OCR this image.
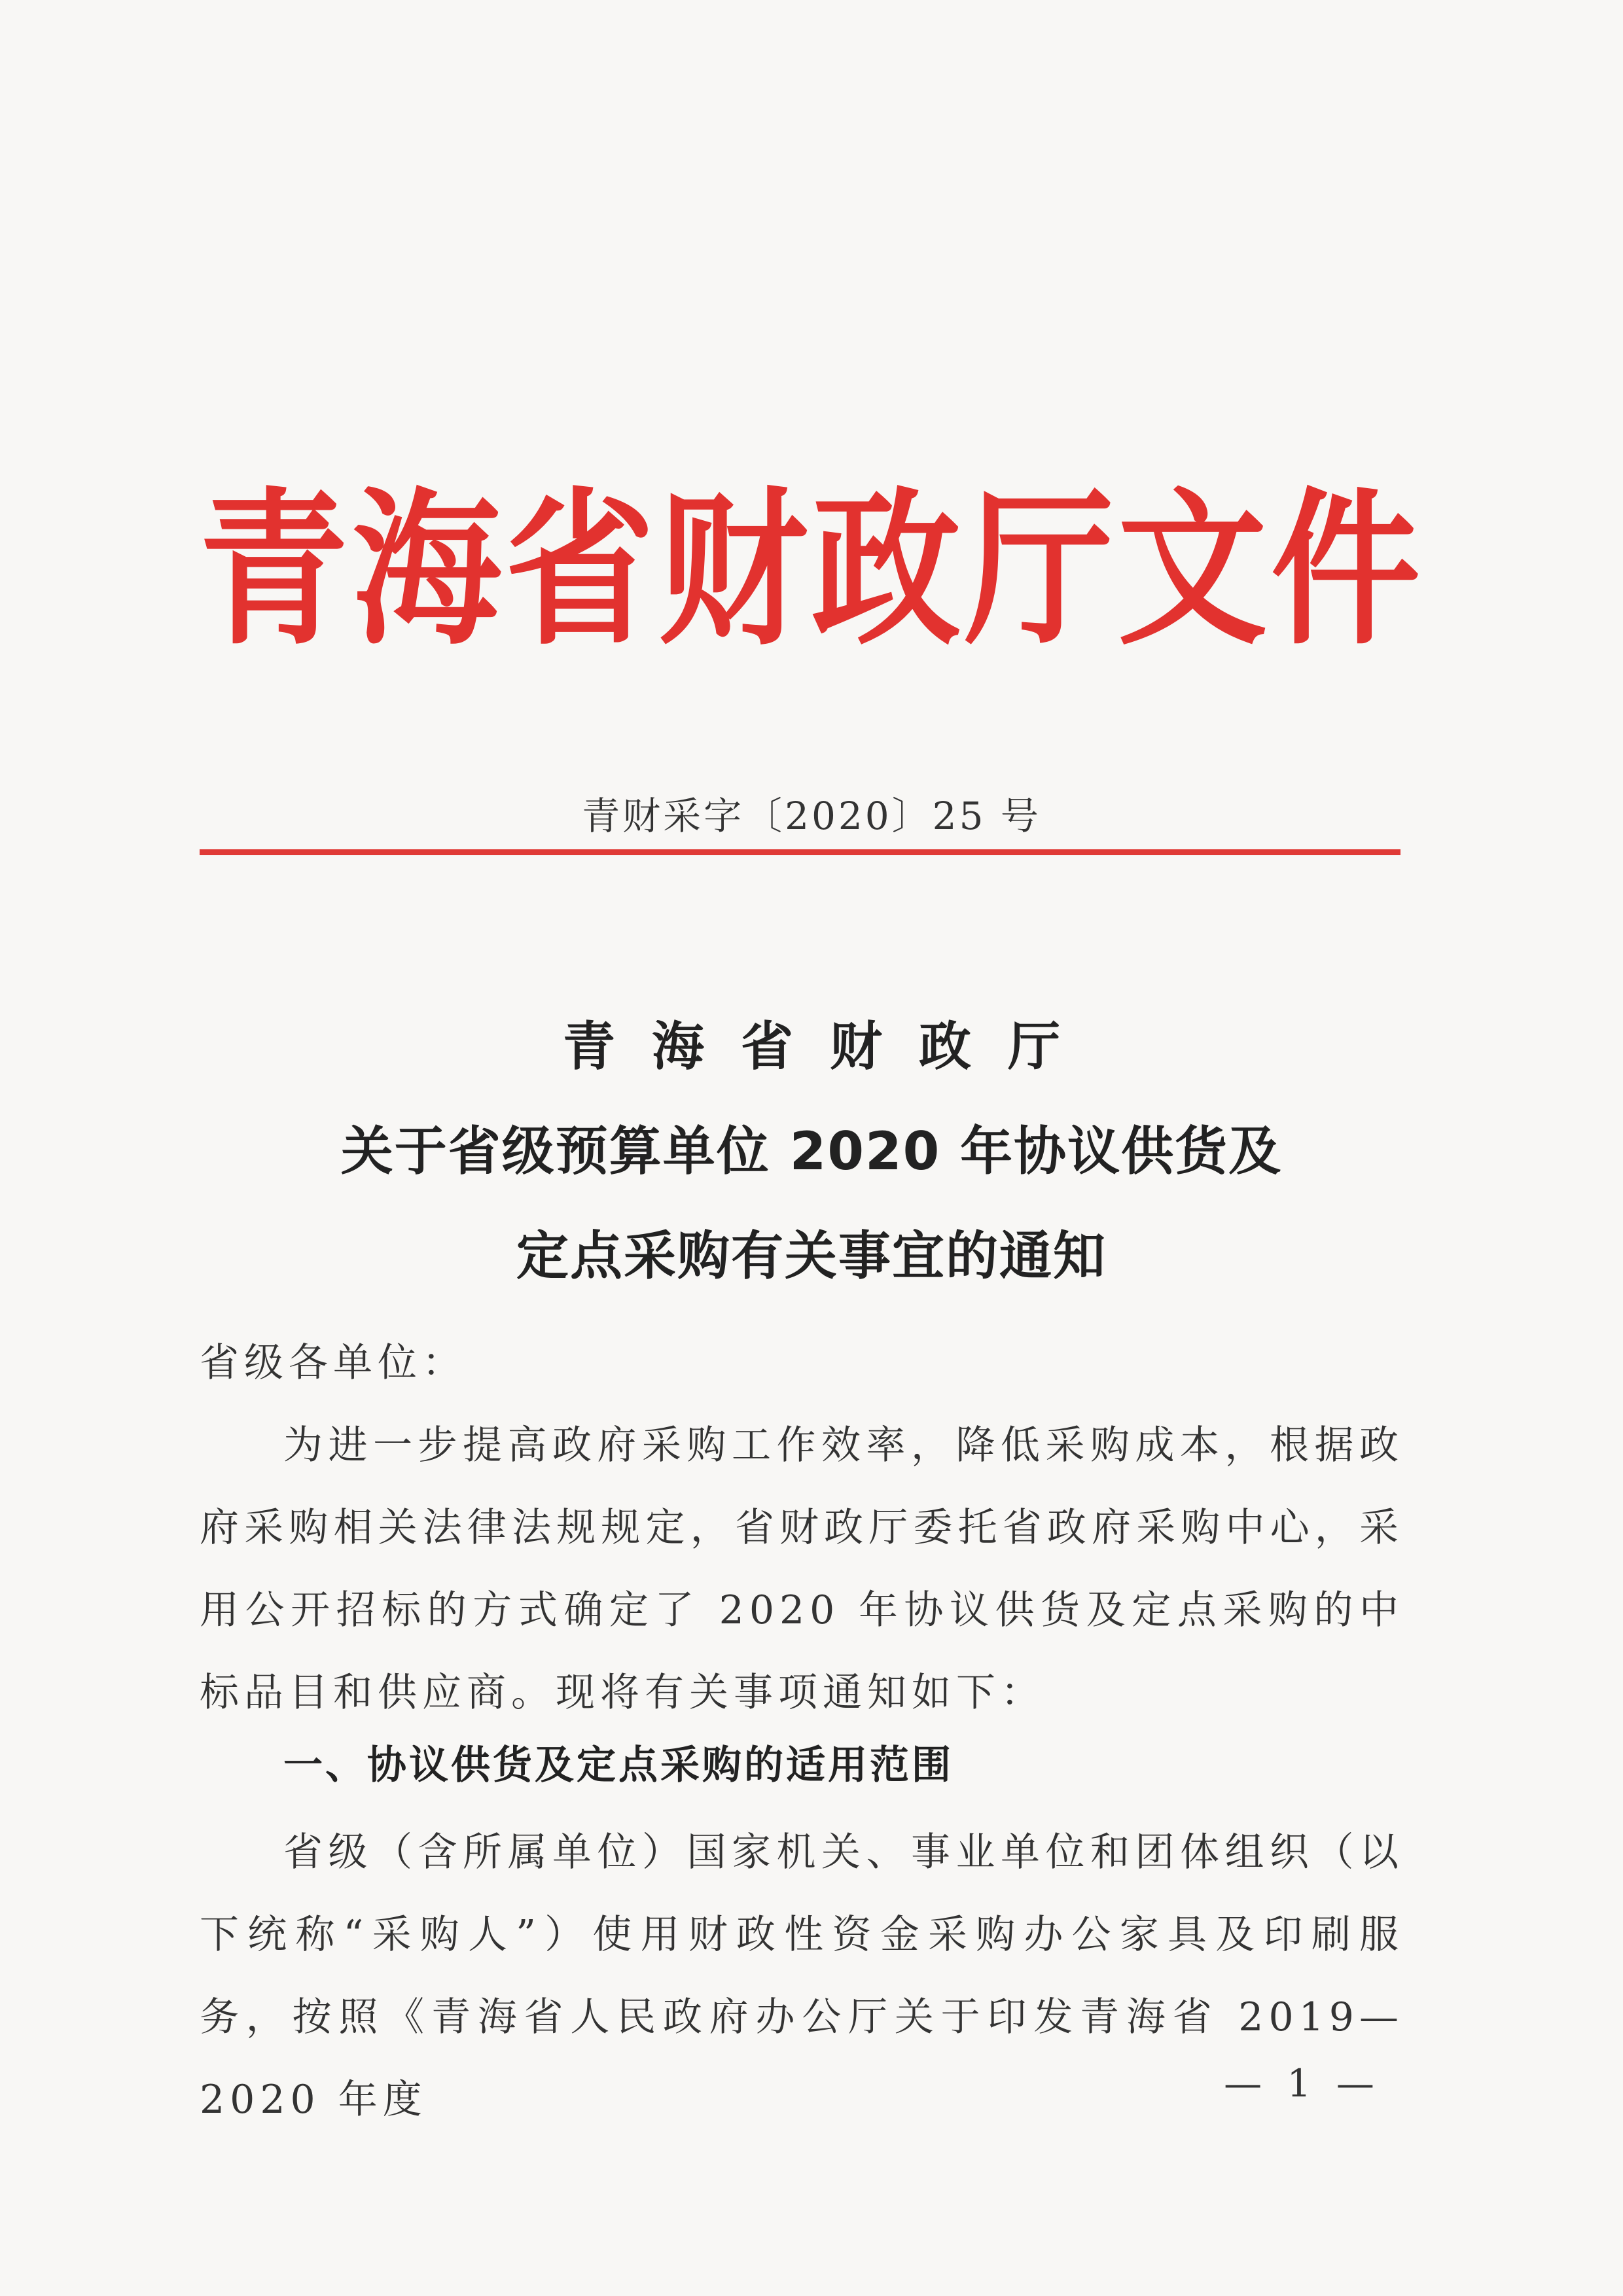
青海省财政厅文件
青财采字〔2020〕25 号
青海省财政厅
关于省级预算单位 2020 年协议供货及
定点采购有关事宜的通知
省级各单位：
为进一步提高政府采购工作效率，降低采购成本，根据政府采购相关法律法规规定，省财政厅委托省政府采购中心，采用公开招标的方式确定了 2020 年协议供货及定点采购的中标品目和供应商。现将有关事项通知如下：
一、协议供货及定点采购的适用范围
省级（含所属单位）国家机关、事业单位和团体组织（以下统称“采购人”）使用财政性资金采购办公家具及印刷服务，按照《青海省人民政府办公厅关于印发青海省 2019—2020 年度	— 1 —
